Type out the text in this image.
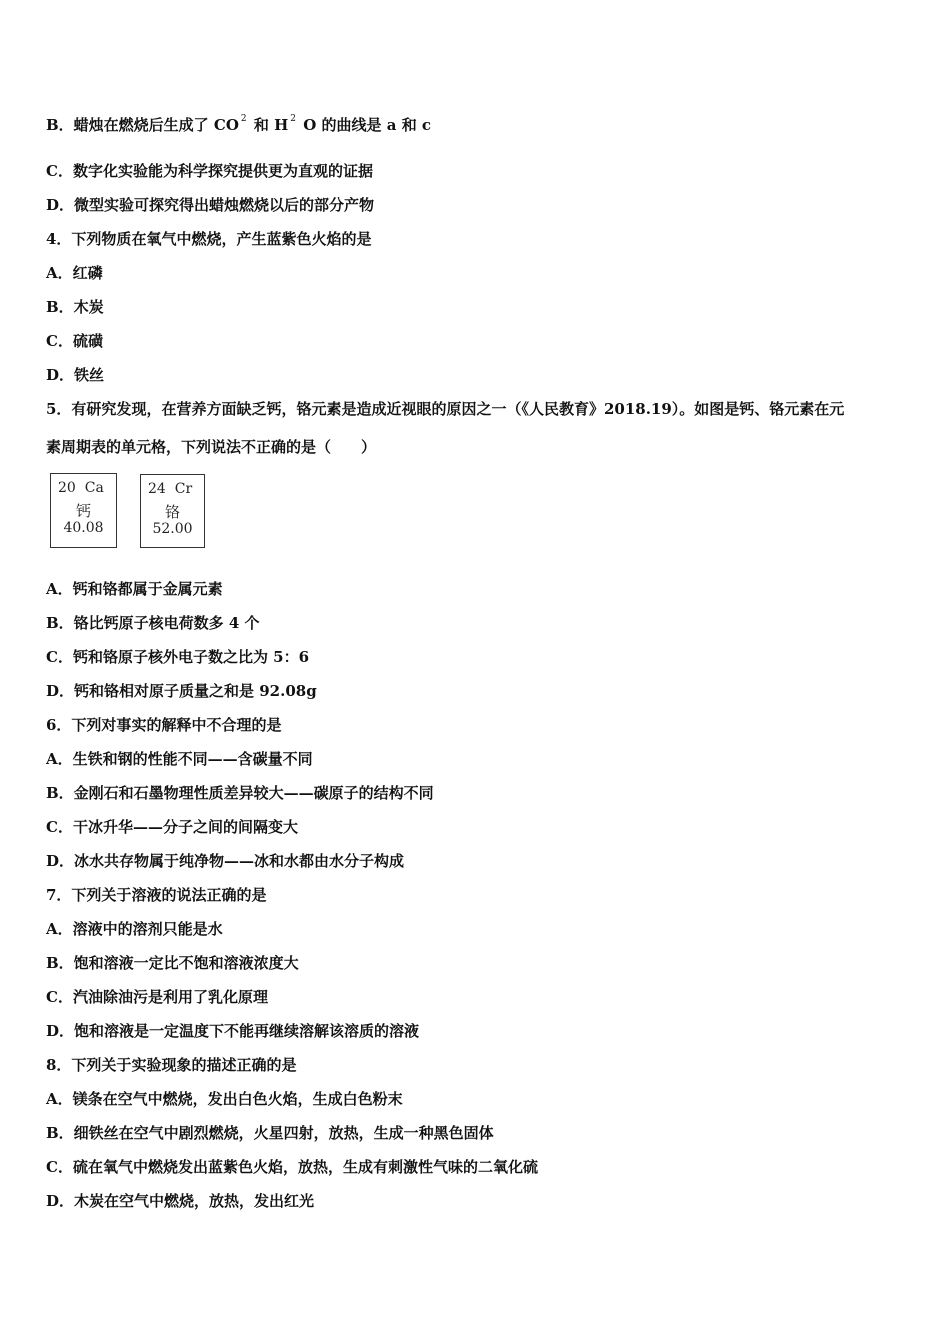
B．蜡烛在燃烧后生成了 CO $^2$ 和 H $^2$ O 的曲线是 a 和 c
C．数字化实验能为科学探究提供更为直观的证据
D．微型实验可探究得出蜡烛燃烧以后的部分产物
4．下列物质在氧气中燃烧，产生蓝紫色火焰的是
A．红磷
B．木炭
C．硫磺
D．铁丝
5．有研究发现，在营养方面缺乏钙，铬元素是造成近视眼的原因之一（《人民教育》2018.19）。如图是钙、铬元素在元
素周期表的单元格，下列说法不正确的是（　　）
20 Ca
钙
40.08
24 Cr
铬
52.00
A．钙和铬都属于金属元素
B．铬比钙原子核电荷数多 4 个
C．钙和铬原子核外电子数之比为 5：6
D．钙和铬相对原子质量之和是 92.08g
6．下列对事实的解释中不合理的是
A．生铁和钢的性能不同——含碳量不同
B．金刚石和石墨物理性质差异较大——碳原子的结构不同
C．干冰升华——分子之间的间隔变大
D．冰水共存物属于纯净物——冰和水都由水分子构成
7．下列关于溶液的说法正确的是
A．溶液中的溶剂只能是水
B．饱和溶液一定比不饱和溶液浓度大
C．汽油除油污是利用了乳化原理
D．饱和溶液是一定温度下不能再继续溶解该溶质的溶液
8．下列关于实验现象的描述正确的是
A．镁条在空气中燃烧，发出白色火焰，生成白色粉末
B．细铁丝在空气中剧烈燃烧，火星四射，放热，生成一种黑色固体
C．硫在氧气中燃烧发出蓝紫色火焰，放热，生成有刺激性气味的二氧化硫
D．木炭在空气中燃烧，放热，发出红光
